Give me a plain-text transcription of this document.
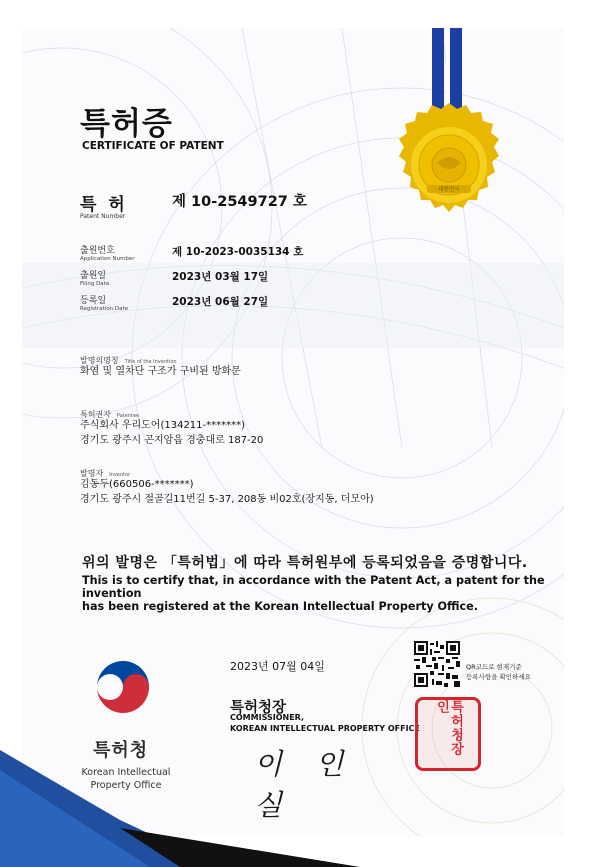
대한민국
특허증
CERTIFICATE OF PATENT
특 허
Patent Number
제 10-2549727 호
출원번호
Application Number
제 10-2023-0035134 호
출원일
Filing Date
2023년 03월 17일
등록일
Registration Date
2023년 06월 27일
발명의명칭 Title of the Invention
화염 및 열차단 구조가 구비된 방화문
특허권자 Patentee
주식회사 우리도어(134211-*******)
경기도 광주시 곤지암읍 경충대로 187-20
발명자 Inventor
김동두(660506-*******)
경기도 광주시 절골길11번길 5-37, 208동 비02호(장지동, 더모아)
위의 발명은 「특허법」에 따라 특허원부에 등록되었음을 증명합니다.
This is to certify that, in accordance with the Patent Act, a patent for the invention
has been registered at the Korean Intellectual Property Office.
2023년 07월 04일	QR코드로 현재기준
등록사항을 확인하세요
특허청장
COMMISSIONER,
KOREAN INTELLECTUAL PROPERTY OFFICE
이 인 실
특허청장인
특허청
Korean Intellectual
Property Office
